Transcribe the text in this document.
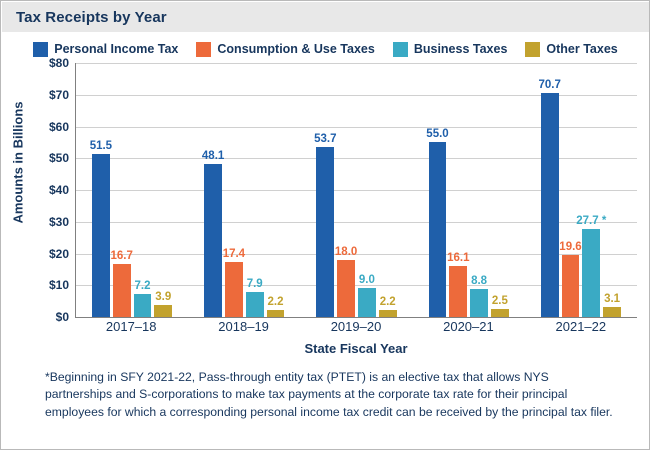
Tax Receipts by Year
Personal Income Tax	Consumption & Use Taxes	Business Taxes	Other Taxes
Amounts in Billions
$0
$10
$20
$30
$40
$50
$60
$70
$80
51.5
16.7
7.2
3.9
48.1
17.4
7.9
2.2
53.7
18.0
9.0
2.2
55.0
16.1
8.8
2.5
70.7
19.6
27.7 *
3.1
2017–18	2018–19	2019–20	2020–21	2021–22
State Fiscal Year
*Beginning in SFY 2021-22, Pass-through entity tax (PTET) is an elective tax that allows NYS partnerships and S-corporations to make tax payments at the corporate tax rate for their principal employees for which a corresponding personal income tax credit can be received by the principal tax filer.
